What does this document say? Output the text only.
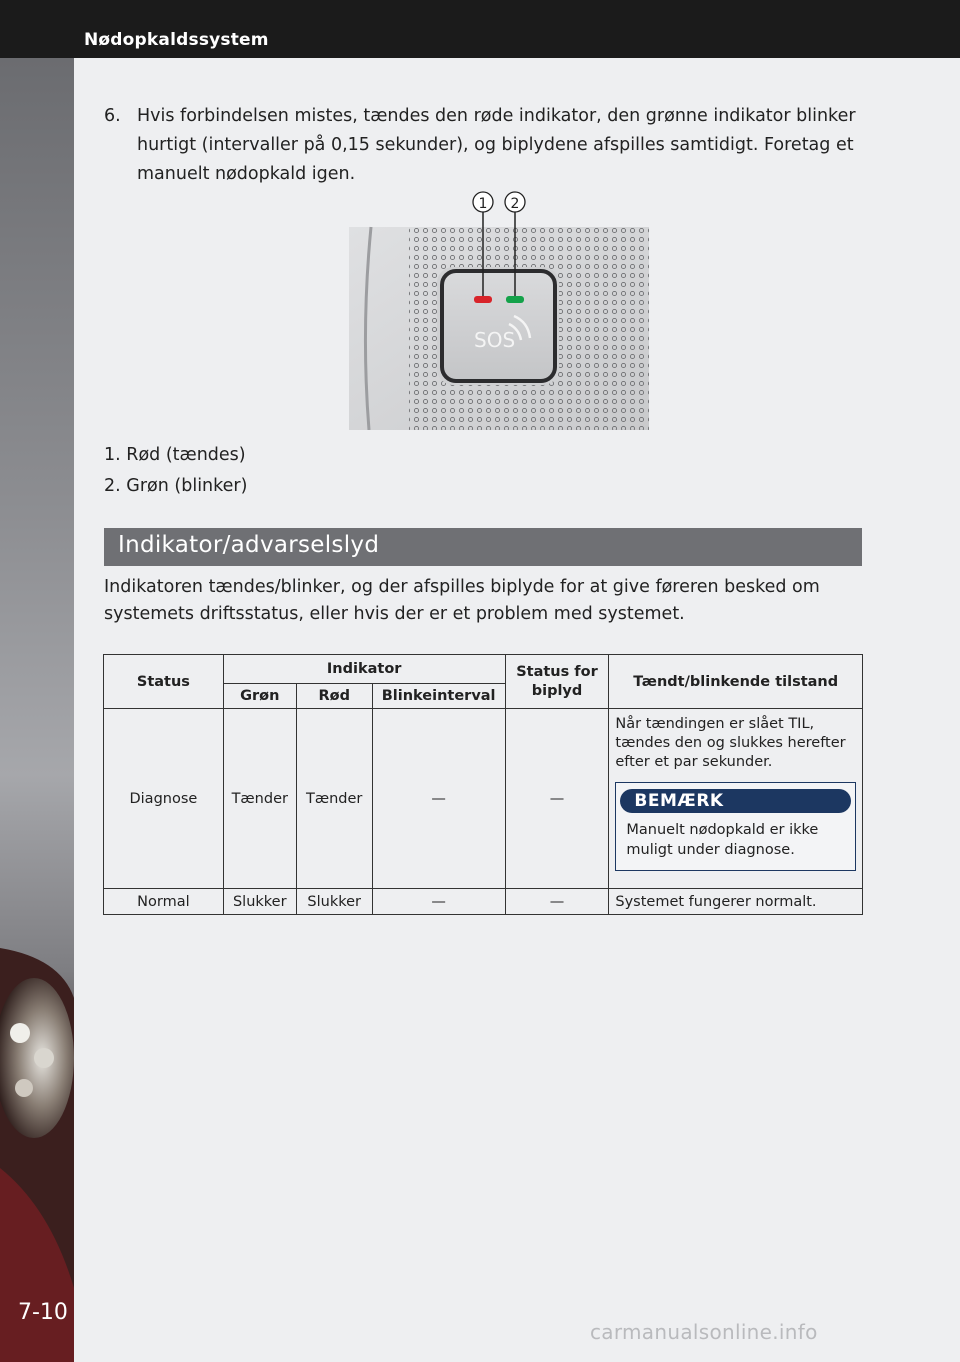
Nødopkaldssystem
7-10
6. Hvis forbindelsen mistes, tændes den røde indikator, den grønne indikator blinker hurtigt (intervaller på 0,15 sekunder), og biplydene afspilles samtidigt. Foretag et manuelt nødopkald igen.
SOS
1 2
1. Rød (tændes)
2. Grøn (blinker)
Indikator/advarselslyd
Indikatoren tændes/blinker, og der afspilles biplyde for at give føreren besked om systemets driftsstatus, eller hvis der er et problem med systemet.
Status	Indikator			Status for biplyd	Tændt/blinkende tilstand
	Grøn	Rød	Blinkeinterval		
Diagnose	Tænder	Tænder	—	—	Når tændingen er slået TIL, tændes den og slukkes herefter efter et par sekunder.
BEMÆRK
Manuelt nødopkald er ikke muligt under diagnose.

Normal	Slukker	Slukker	—	—	Systemet fungerer normalt.
carmanualsonline.info
